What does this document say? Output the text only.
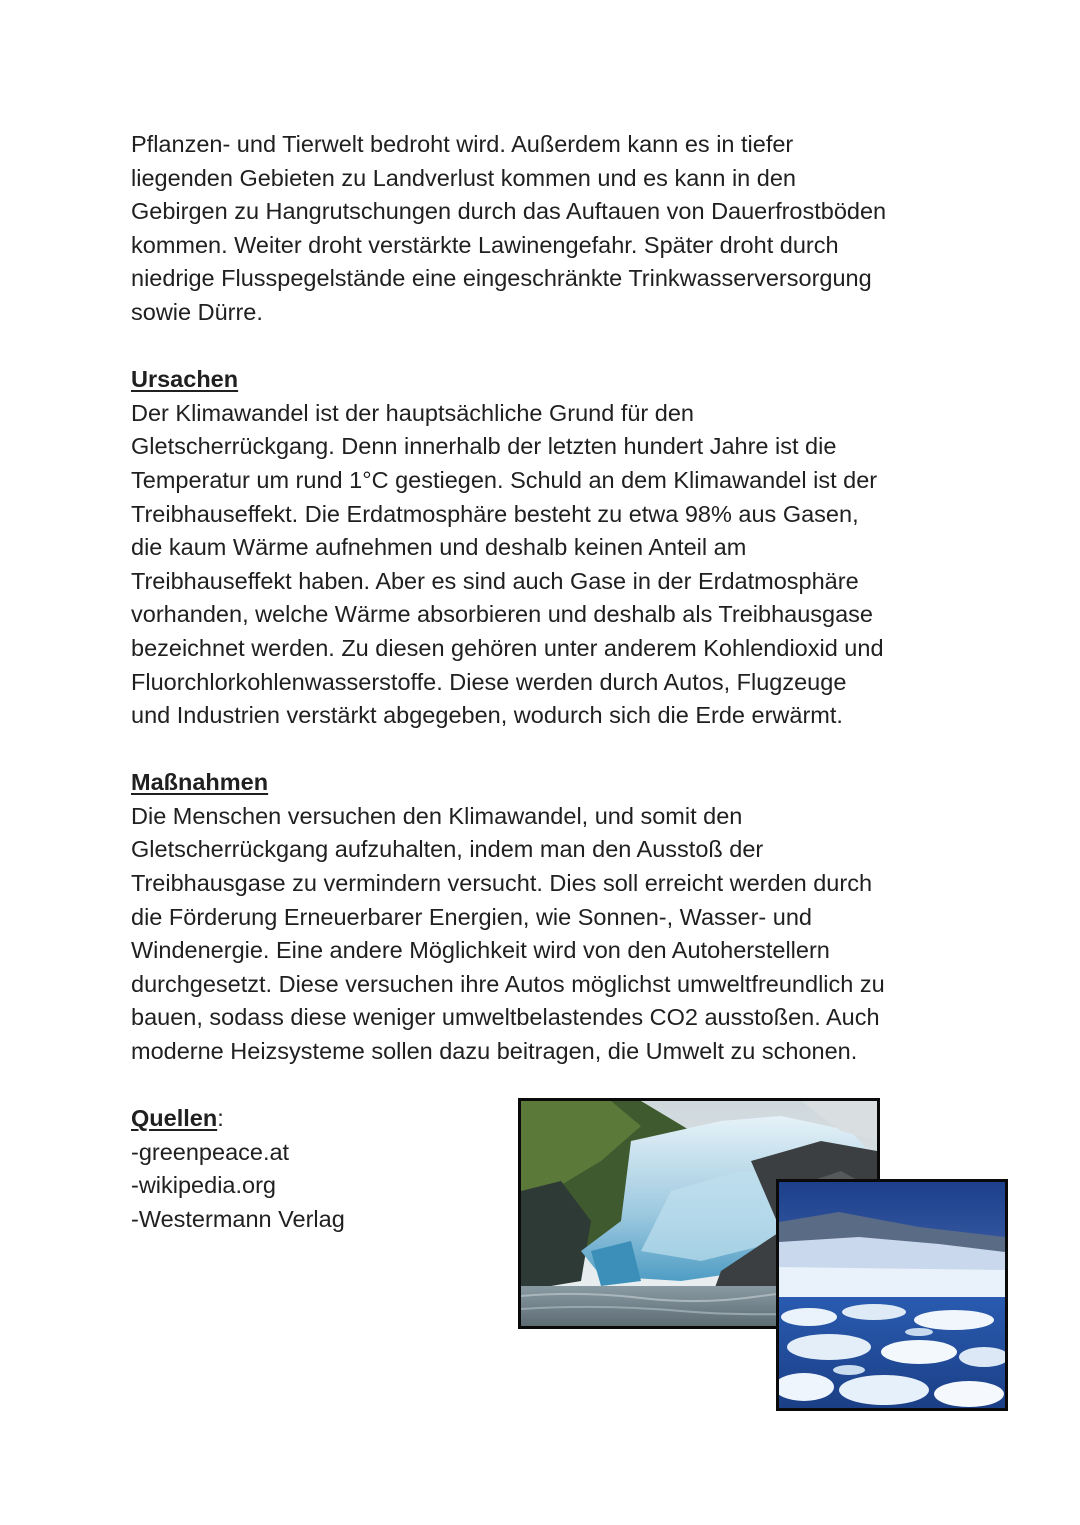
Pflanzen- und Tierwelt bedroht wird. Außerdem kann es in tiefer
liegenden Gebieten zu Landverlust kommen und es kann in den
Gebirgen zu Hangrutschungen durch das Auftauen von Dauerfrostböden
kommen. Weiter droht verstärkte Lawinengefahr. Später droht durch
niedrige Flusspegelstände eine eingeschränkte Trinkwasserversorgung
sowie Dürre.

Ursachen

Der Klimawandel ist der hauptsächliche Grund für den
Gletscherrückgang. Denn innerhalb der letzten hundert Jahre ist die
Temperatur um rund 1°C gestiegen. Schuld an dem Klimawandel ist der
Treibhauseffekt. Die Erdatmosphäre besteht zu etwa 98% aus Gasen,
die kaum Wärme aufnehmen und deshalb keinen Anteil am
Treibhauseffekt haben. Aber es sind auch Gase in der Erdatmosphäre
vorhanden, welche Wärme absorbieren und deshalb als Treibhausgase
bezeichnet werden. Zu diesen gehören unter anderem Kohlendioxid und
Fluorchlorkohlenwasserstoffe. Diese werden durch Autos, Flugzeuge
und Industrien verstärkt abgegeben, wodurch sich die Erde erwärmt.

Maßnahmen

Die Menschen versuchen den Klimawandel, und somit den
Gletscherrückgang aufzuhalten, indem man den Ausstoß der
Treibhausgase zu vermindern versucht. Dies soll erreicht werden durch
die Förderung Erneuerbarer Energien, wie Sonnen-, Wasser- und
Windenergie. Eine andere Möglichkeit wird von den Autoherstellern
durchgesetzt. Diese versuchen ihre Autos möglichst umweltfreundlich zu
bauen, sodass diese weniger umweltbelastendes CO2 ausstoßen. Auch
moderne Heizsysteme sollen dazu beitragen, die Umwelt zu schonen.

Quellen:
-greenpeace.at
-wikipedia.org
-Westermann Verlag
